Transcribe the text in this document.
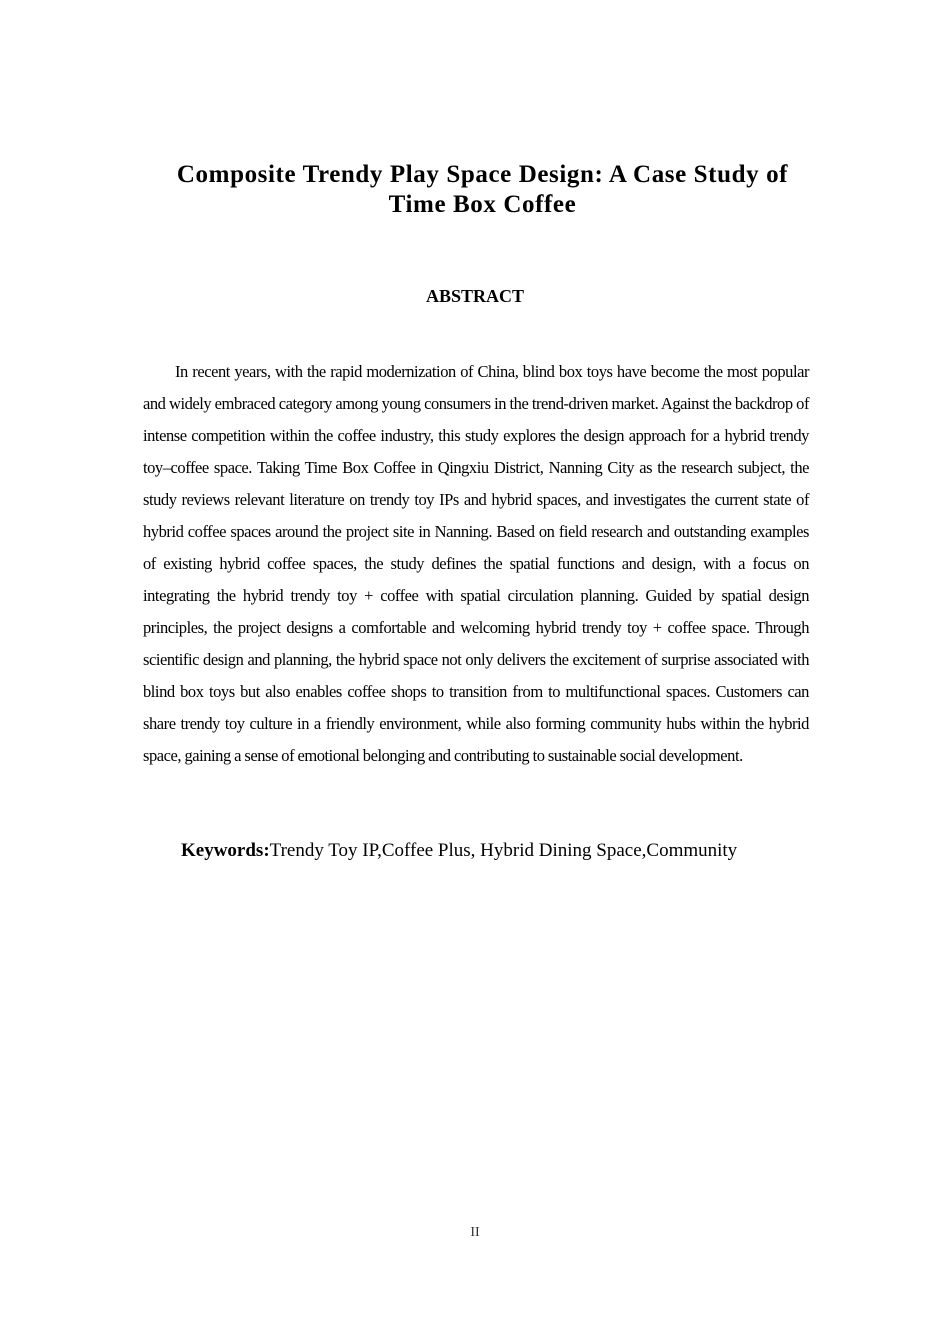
Composite Trendy Play Space Design: A Case Study of
Time Box Coffee
ABSTRACT

In recent years, with the rapid modernization of China, blind box toys have become the most popular and widely embraced category among young consumers in the trend-driven market. Against the backdrop of intense competition within the coffee industry, this study explores the design approach for a hybrid trendy toy–coffee space. Taking Time Box Coffee in Qingxiu District, Nanning City as the research subject, the study reviews relevant literature on trendy toy IPs and hybrid spaces, and investigates the current state of hybrid coffee spaces around the project site in Nanning. Based on field research and outstanding examples of existing hybrid coffee spaces, the study defines the spatial functions and design, with a focus on integrating the hybrid trendy toy + coffee with spatial circulation planning. Guided by spatial design principles, the project designs a comfortable and welcoming hybrid trendy toy + coffee space. Through scientific design and planning, the hybrid space not only delivers the excitement of surprise associated with blind box toys but also enables coffee shops to transition from to multifunctional spaces. Customers can share trendy toy culture in a friendly environment, while also forming community hubs within the hybrid space, gaining a sense of emotional belonging and contributing to sustainable social development.

Keywords:Trendy Toy IP,Coffee Plus, Hybrid Dining Space,Community

II
